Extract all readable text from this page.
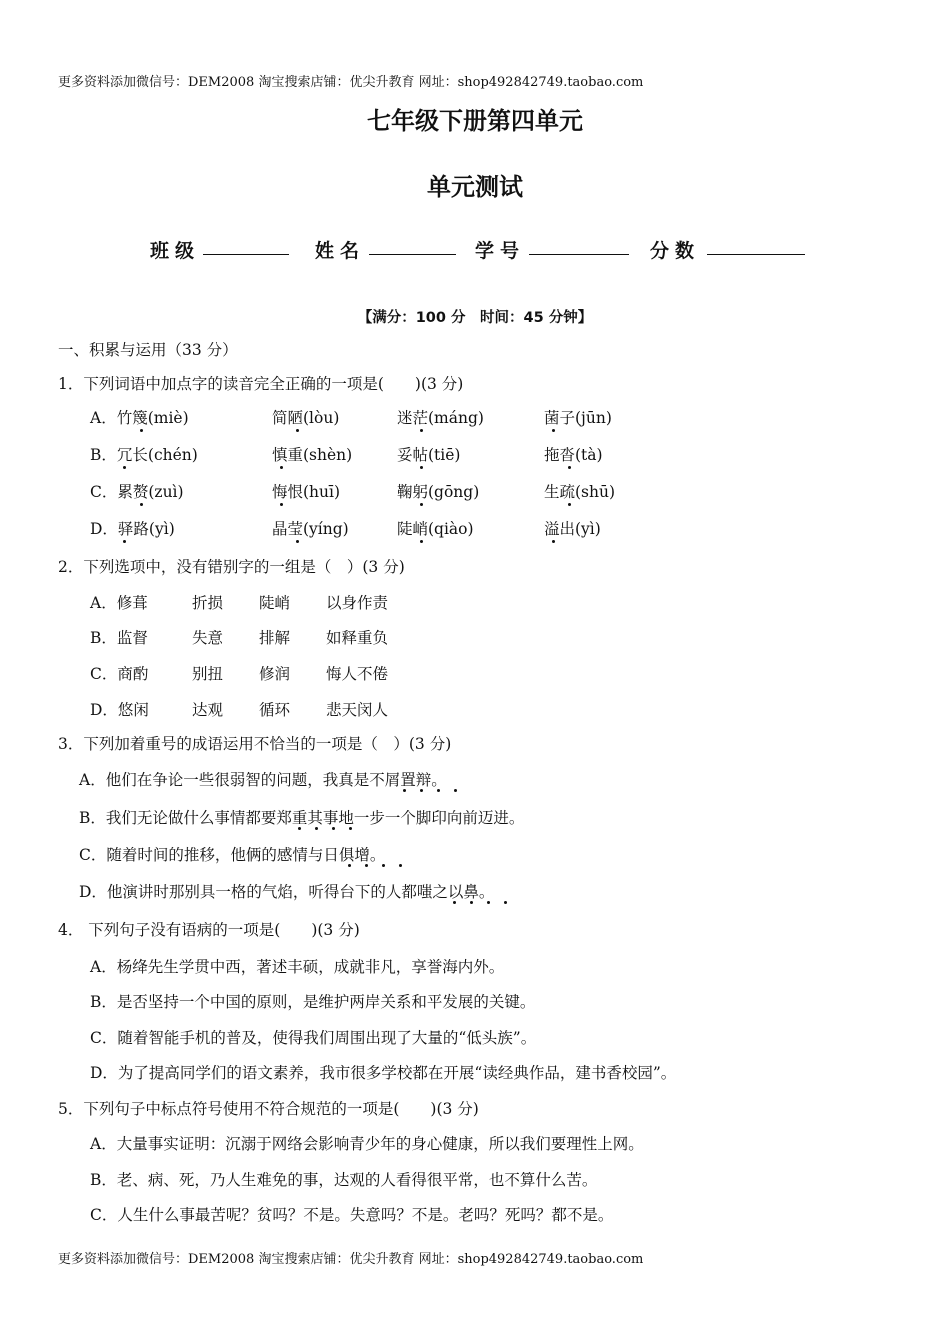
更多资料添加微信号：DEM2008 淘宝搜索店铺：优尖升教育 网址：shop492842749.taobao.com
七年级下册第四单元
单元测试
班级	姓名	学号	分数
【满分：100 分　时间：45 分钟】
一、积累与运用（33 分）
1．下列词语中加点字的读音完全正确的一项是(　　)(3 分)
A．竹篾(miè)	简陋(lòu)	迷茫(máng)	菌子(jūn)
B．冗长(chén)	慎重(shèn)	妥帖(tiē)	拖沓(tà)
C．累赘(zuì)	悔恨(huī)	鞠躬(gōng)	生疏(shū)
D．驿路(yì)	晶莹(yíng)	陡峭(qiào)	溢出(yì)
2．下列选项中，没有错别字的一组是（　）(3 分)
A．修葺	折损 陡峭 以身作责
B．监督	失意 排解 如释重负
C．商酌	别扭 修润 悔人不倦
D．悠闲	达观 循环 悲天闵人
3．下列加着重号的成语运用不恰当的一项是（　）(3 分)
A．他们在争论一些很弱智的问题，我真是不屑置辩。
B．我们无论做什么事情都要郑重其事地一步一个脚印向前迈进。
C．随着时间的推移，他俩的感情与日俱增。
D．他演讲时那别具一格的气焰，听得台下的人都嗤之以鼻。
4． 下列句子没有语病的一项是(　　)(3 分)
A．杨绛先生学贯中西，著述丰硕，成就非凡，享誉海内外。
B．是否坚持一个中国的原则，是维护两岸关系和平发展的关键。
C．随着智能手机的普及，使得我们周围出现了大量的“低头族”。
D．为了提高同学们的语文素养，我市很多学校都在开展“读经典作品，建书香校园”。
5．下列句子中标点符号使用不符合规范的一项是(　　)(3 分)
A．大量事实证明：沉溺于网络会影响青少年的身心健康，所以我们要理性上网。
B．老、病、死，乃人生难免的事，达观的人看得很平常，也不算什么苦。
C．人生什么事最苦呢？贫吗？不是。失意吗？不是。老吗？死吗？都不是。
更多资料添加微信号：DEM2008 淘宝搜索店铺：优尖升教育 网址：shop492842749.taobao.com
